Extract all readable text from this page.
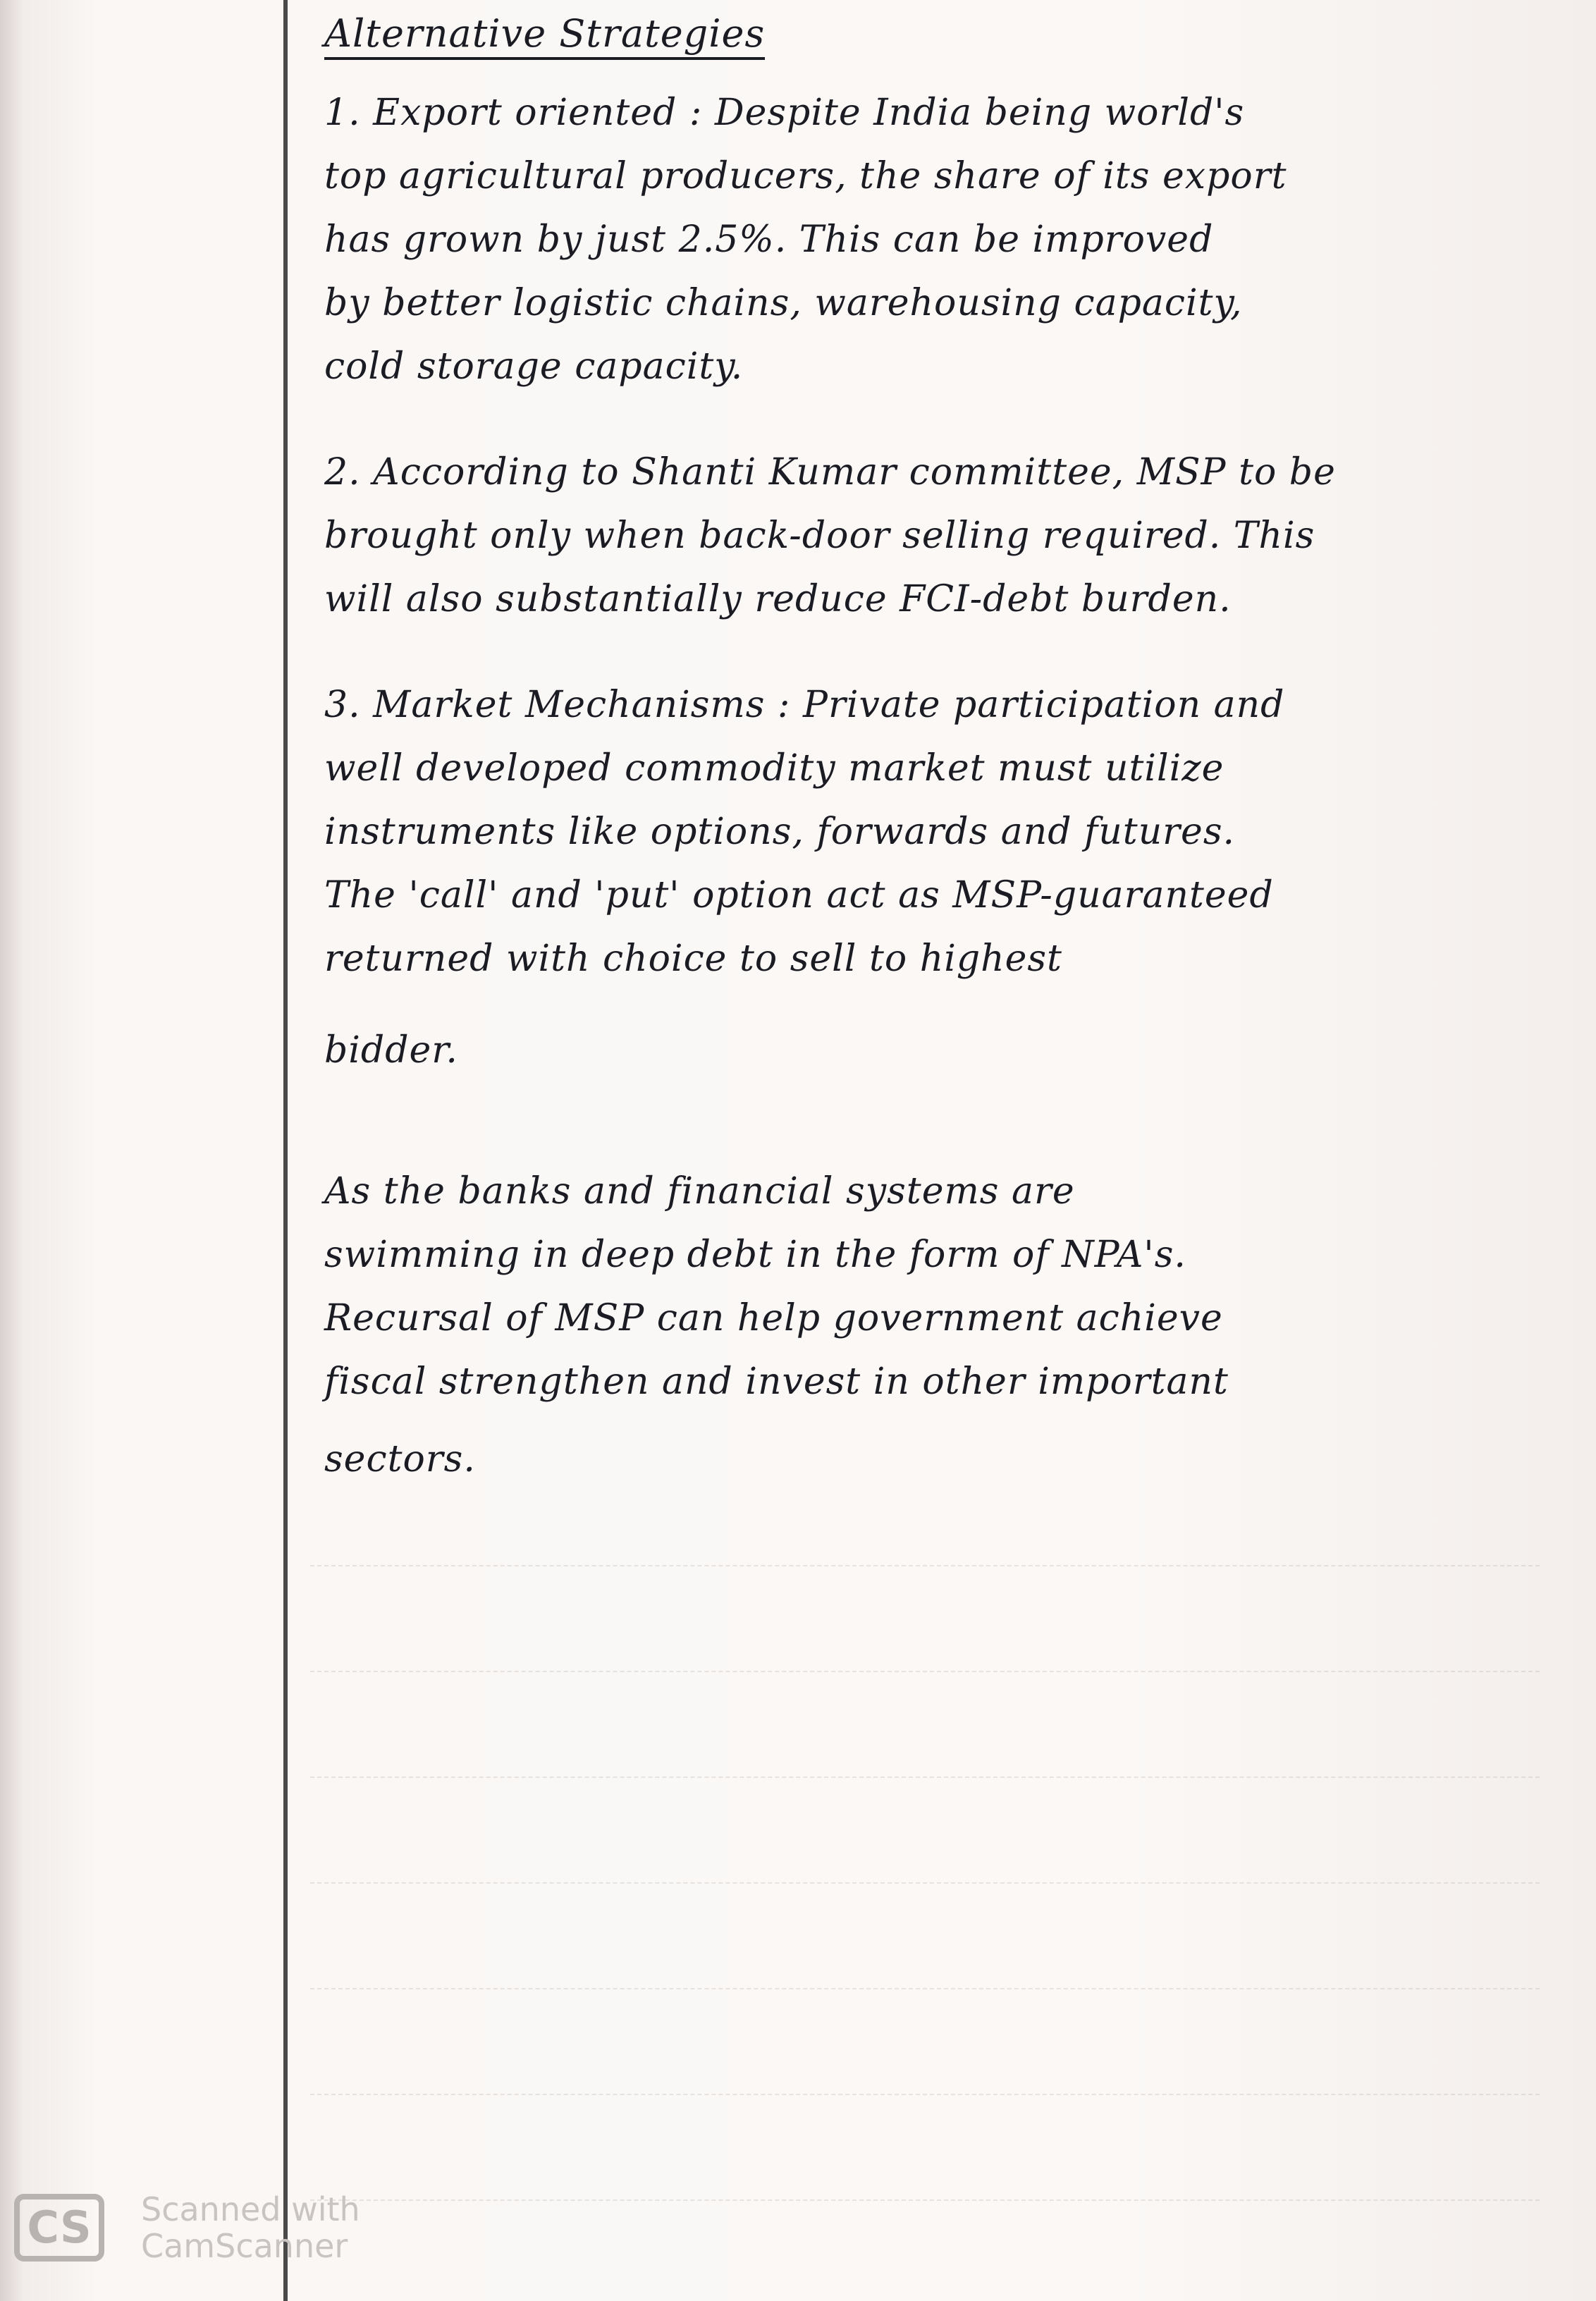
Alternative Strategies
1. Export oriented : Despite India being world's
top agricultural producers, the share of its export
has grown by just 2.5%. This can be improved
by better logistic chains, warehousing capacity,
cold storage capacity.
2. According to Shanti Kumar committee, MSP to be
brought only when back-door selling required. This
will also substantially reduce FCI-debt burden.
3. Market Mechanisms : Private participation and
well developed commodity market must utilize
instruments like options, forwards and futures.
The 'call' and 'put' option act as MSP-guaranteed
returned with choice to sell to highest
bidder.
As the banks and financial systems are
swimming in deep debt in the form of NPA's.
Recursal of MSP can help government achieve
fiscal strengthen and invest in other important
sectors.
CS	Scanned with CamScanner
